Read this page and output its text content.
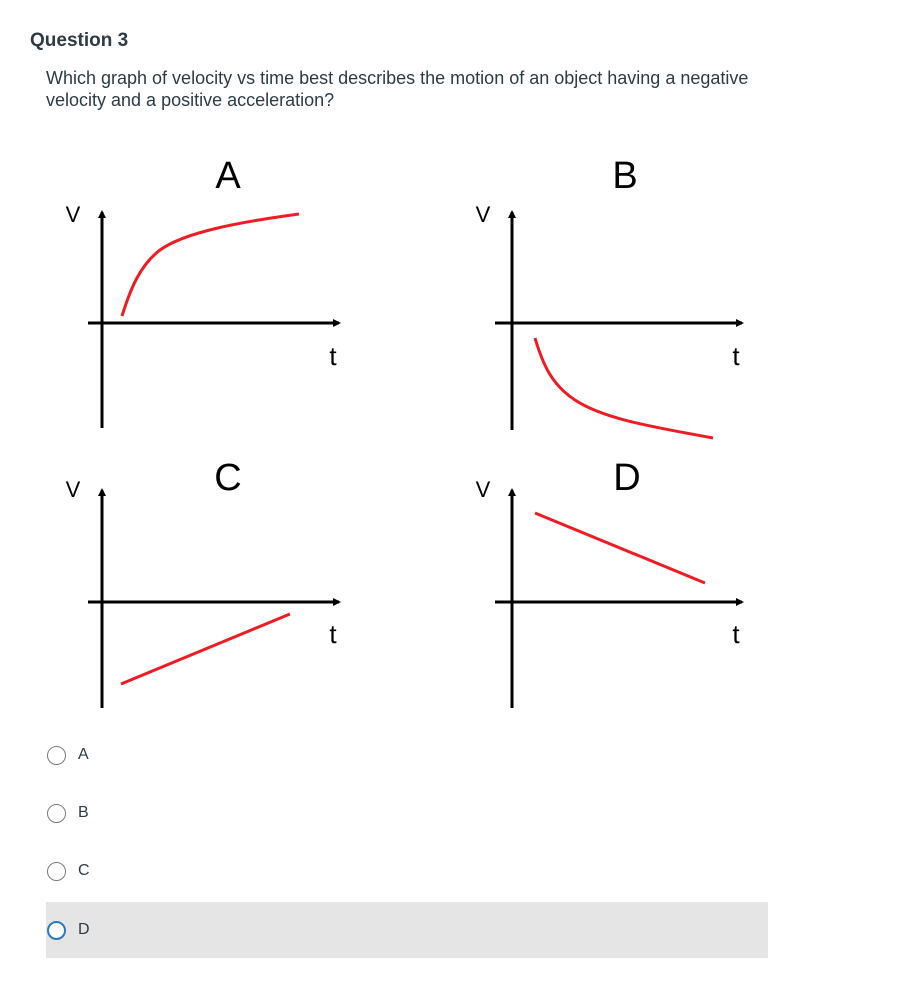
Question 3
Which graph of velocity vs time best describes the motion of an object having a negative velocity and a positive acceleration?
A
V
t
B
V
t
C
V
t
D
V
t
A
B
C
D
